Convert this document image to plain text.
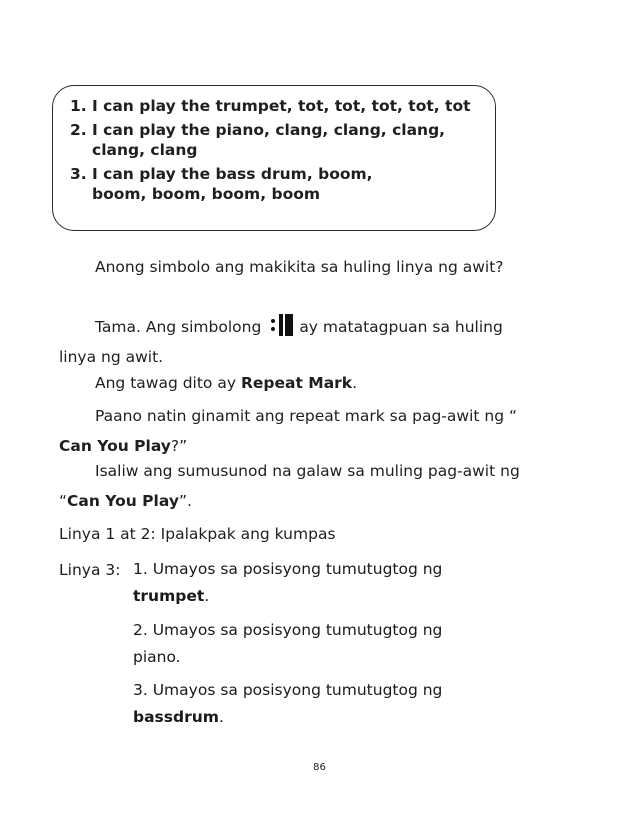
1. I can play the trumpet, tot, tot, tot, tot, tot
2. I can play the piano, clang, clang, clang, clang, clang
3. I can play the bass drum, boom, boom, boom, boom, boom

Anong simbolo ang makikita sa huling linya ng awit?

Tama. Ang simbolong ay matatagpuan sa huling linya ng awit.

Ang tawag dito ay Repeat Mark.

Paano natin ginamit ang repeat mark sa pag-awit ng “ Can You Play?”

Isaliw ang sumusunod na galaw sa muling pag-awit ng “Can You Play”.

Linya 1 at 2: Ipalakpak ang kumpas
Linya 3: 1. Umayos sa posisyong tumutugtog ng trumpet.

2. Umayos sa posisyong tumutugtog ng piano.

3. Umayos sa posisyong tumutugtog ng bassdrum.

86
